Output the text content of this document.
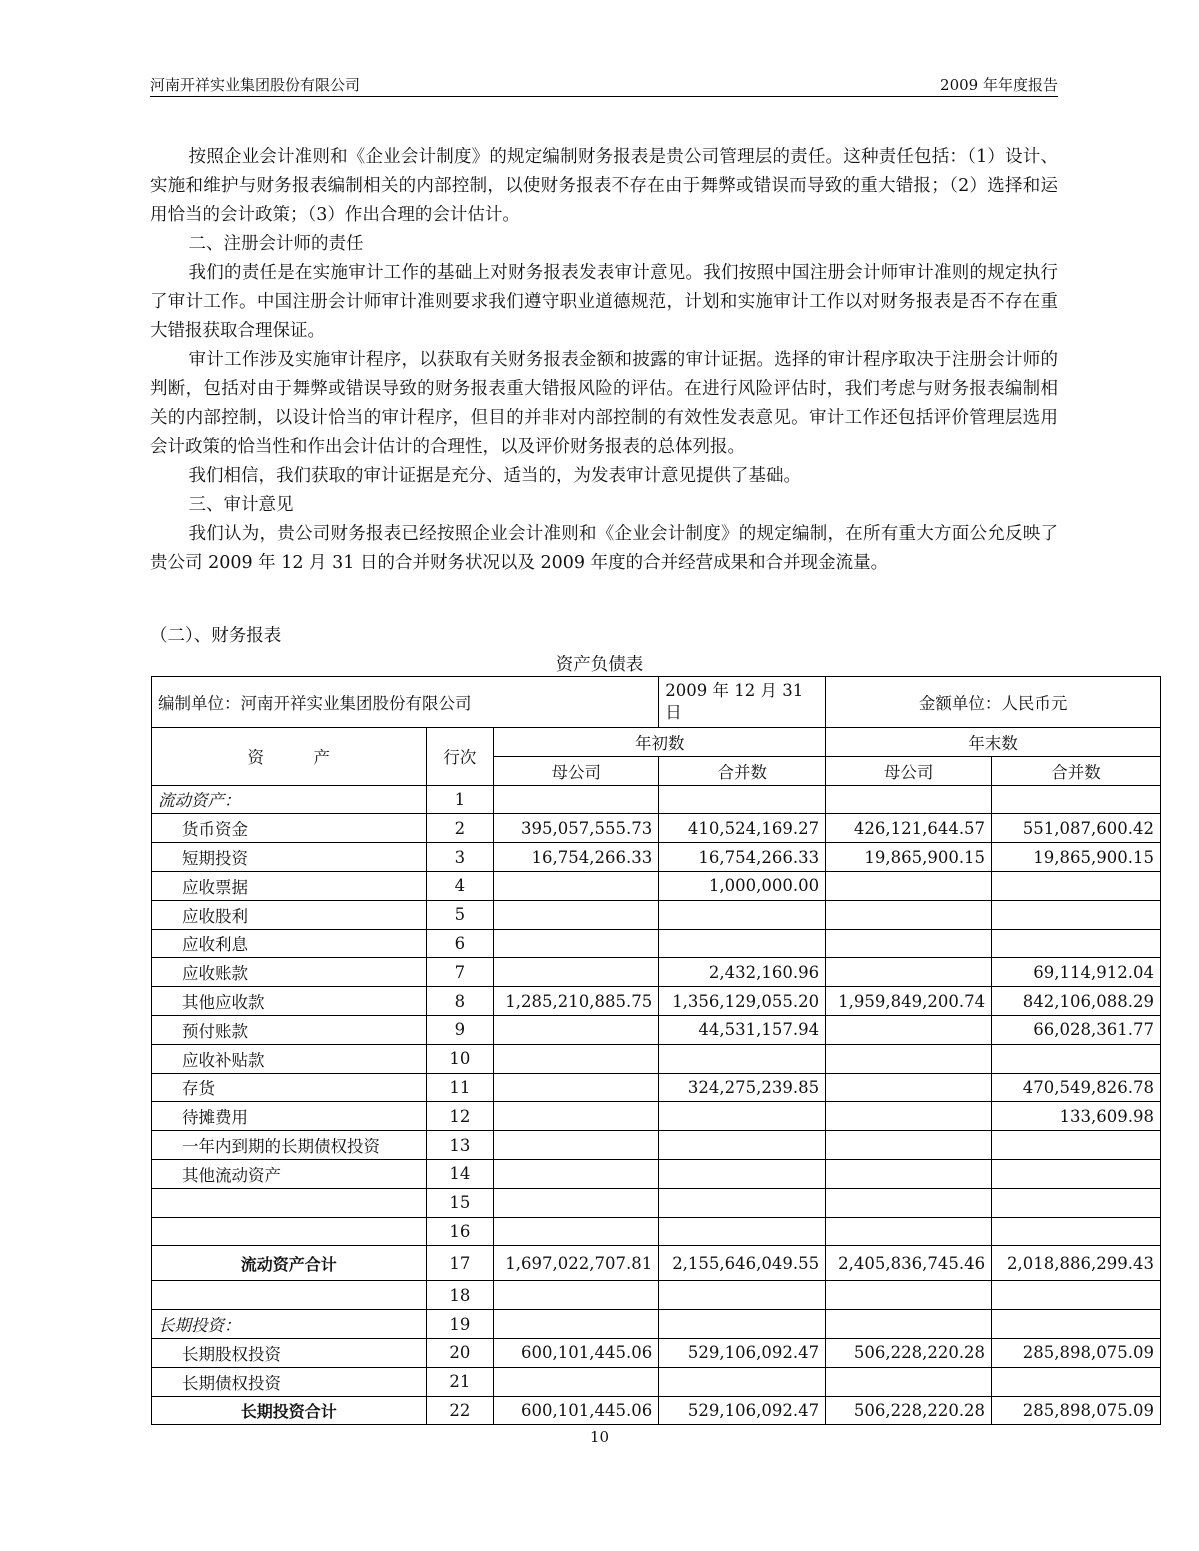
河南开祥实业集团股份有限公司	2009 年年度报告

按照企业会计准则和《企业会计制度》的规定编制财务报表是贵公司管理层的责任。这种责任包括：（1）设计、实施和维护与财务报表编制相关的内部控制，以使财务报表不存在由于舞弊或错误而导致的重大错报；（2）选择和运用恰当的会计政策；（3）作出合理的会计估计。

二、注册会计师的责任

我们的责任是在实施审计工作的基础上对财务报表发表审计意见。我们按照中国注册会计师审计准则的规定执行了审计工作。中国注册会计师审计准则要求我们遵守职业道德规范，计划和实施审计工作以对财务报表是否不存在重大错报获取合理保证。

审计工作涉及实施审计程序，以获取有关财务报表金额和披露的审计证据。选择的审计程序取决于注册会计师的判断，包括对由于舞弊或错误导致的财务报表重大错报风险的评估。在进行风险评估时，我们考虑与财务报表编制相关的内部控制，以设计恰当的审计程序，但目的并非对内部控制的有效性发表意见。审计工作还包括评价管理层选用会计政策的恰当性和作出会计估计的合理性，以及评价财务报表的总体列报。

我们相信，我们获取的审计证据是充分、适当的，为发表审计意见提供了基础。

三、审计意见

我们认为，贵公司财务报表已经按照企业会计准则和《企业会计制度》的规定编制，在所有重大方面公允反映了贵公司 2009 年 12 月 31 日的合并财务状况以及 2009 年度的合并经营成果和合并现金流量。

（二）、财务报表
资产负债表
编制单位：河南开祥实业集团股份有限公司			2009 年 12 月 31 日	金额单位：人民币元	
资　　　产	行次	年初数		年末数	
		母公司	合并数	母公司	合并数
流动资产：	1				
货币资金	2	395,057,555.73	410,524,169.27	426,121,644.57	551,087,600.42
短期投资	3	16,754,266.33	16,754,266.33	19,865,900.15	19,865,900.15
应收票据	4		1,000,000.00		
应收股利	5				
应收利息	6				
应收账款	7		2,432,160.96		69,114,912.04
其他应收款	8	1,285,210,885.75	1,356,129,055.20	1,959,849,200.74	842,106,088.29
预付账款	9		44,531,157.94		66,028,361.77
应收补贴款	10				
存货	11		324,275,239.85		470,549,826.78
待摊费用	12				133,609.98
一年内到期的长期债权投资	13				
其他流动资产	14				
	15				
	16				
流动资产合计	17	1,697,022,707.81	2,155,646,049.55	2,405,836,745.46	2,018,886,299.43
	18				
长期投资：	19				
长期股权投资	20	600,101,445.06	529,106,092.47	506,228,220.28	285,898,075.09
长期债权投资	21				
长期投资合计	22	600,101,445.06	529,106,092.47	506,228,220.28	285,898,075.09
10
